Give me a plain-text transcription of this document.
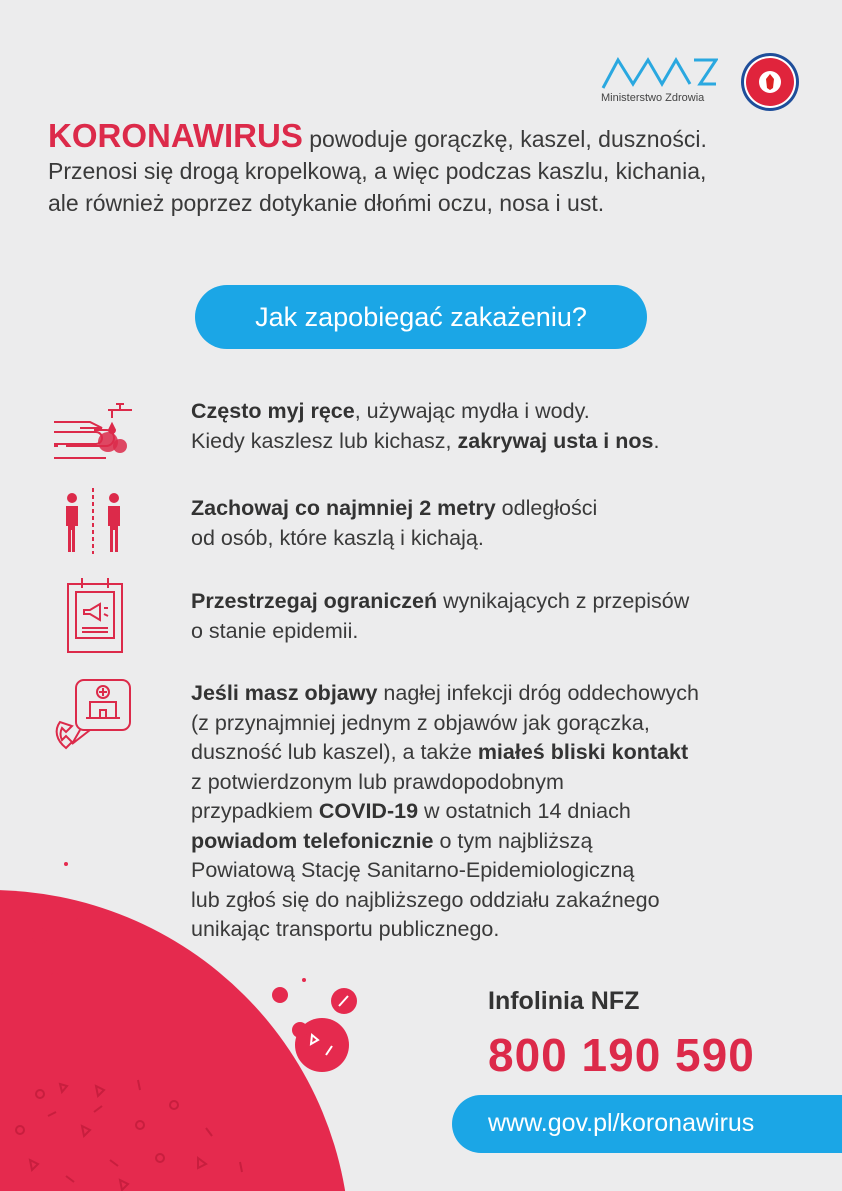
Ministerstwo Zdrowia
KORONAWIRUS powoduje gorączkę, kaszel, duszności.
Przenosi się drogą kropelkową, a więc podczas kaszlu, kichania,
ale również poprzez dotykanie dłońmi oczu, nosa i ust.
Jak zapobiegać zakażeniu?
Często myj ręce, używając mydła i wody.
Kiedy kaszlesz lub kichasz, zakrywaj usta i nos.
Zachowaj co najmniej 2 metry odległości
od osób, które kaszlą i kichają.
Przestrzegaj ograniczeń wynikających z przepisów
o stanie epidemii.
Jeśli masz objawy nagłej infekcji dróg oddechowych
(z przynajmniej jednym z objawów jak gorączka,
duszność lub kaszel), a także miałeś bliski kontakt
z potwierdzonym lub prawdopodobnym
przypadkiem COVID-19 w ostatnich 14 dniach
powiadom telefonicznie o tym najbliższą
Powiatową Stację Sanitarno-Epidemiologiczną
lub zgłoś się do najbliższego oddziału zakaźnego
unikając transportu publicznego.
Infolinia NFZ
800 190 590
www.gov.pl/koronawirus
